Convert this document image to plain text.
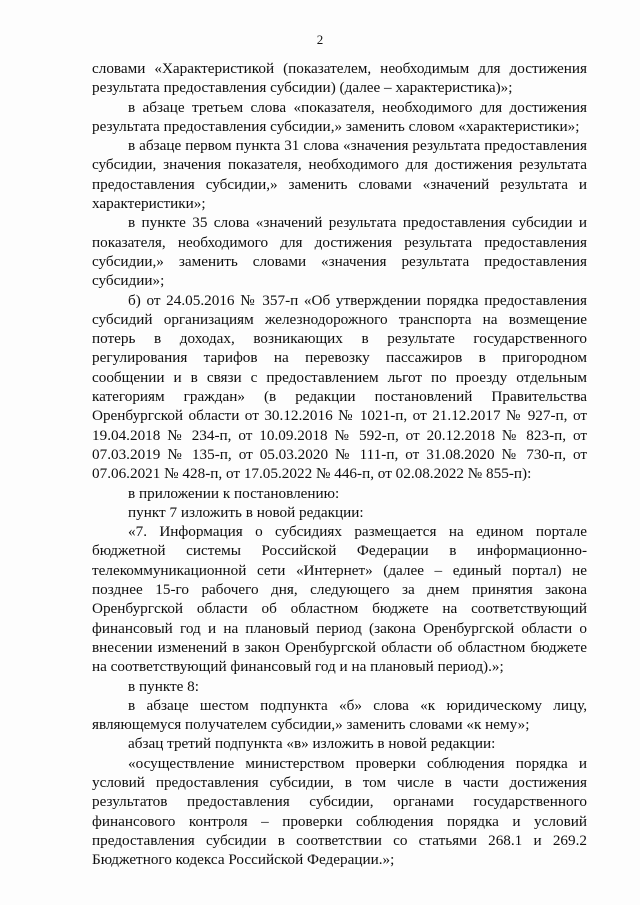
2

словами «Характеристикой (показателем, необходимым для достижения результата предоставления субсидии) (далее – характеристика)»;

в абзаце третьем слова «показателя, необходимого для достижения результата предоставления субсидии,» заменить словом «характеристики»;

в абзаце первом пункта 31 слова «значения результата предоставления субсидии, значения показателя, необходимого для достижения результата предоставления субсидии,» заменить словами «значений результата и характеристики»;

в пункте 35 слова «значений результата предоставления субсидии и показателя, необходимого для достижения результата предоставления субсидии,» заменить словами «значения результата предоставления субсидии»;

б) от 24.05.2016 № 357-п «Об утверждении порядка предоставления субсидий организациям железнодорожного транспорта на возмещение потерь в доходах, возникающих в результате государственного регулирования тарифов на перевозку пассажиров в пригородном сообщении и в связи с предоставлением льгот по проезду отдельным категориям граждан» (в редакции постановлений Правительства Оренбургской области от 30.12.2016 № 1021-п, от 21.12.2017 № 927-п, от 19.04.2018 № 234-п, от 10.09.2018 № 592-п, от 20.12.2018 № 823-п, от 07.03.2019 № 135-п, от 05.03.2020 № 111-п, от 31.08.2020 № 730-п, от 07.06.2021 № 428-п, от 17.05.2022 № 446-п, от 02.08.2022 № 855-п):

в приложении к постановлению:

пункт 7 изложить в новой редакции:

«7. Информация о субсидиях размещается на едином портале бюджетной системы Российской Федерации в информационно-телекоммуникационной сети «Интернет» (далее – единый портал) не позднее 15-го рабочего дня, следующего за днем принятия закона Оренбургской области об областном бюджете на соответствующий финансовый год и на плановый период (закона Оренбургской области о внесении изменений в закон Оренбургской области об областном бюджете на соответствующий финансовый год и на плановый период).»;

в пункте 8:

в абзаце шестом подпункта «б» слова «к юридическому лицу, являющемуся получателем субсидии,» заменить словами «к нему»;

абзац третий подпункта «в» изложить в новой редакции:

«осуществление министерством проверки соблюдения порядка и условий предоставления субсидии, в том числе в части достижения результатов предоставления субсидии, органами государственного финансового контроля – проверки соблюдения порядка и условий предоставления субсидии в соответствии со статьями 268.1 и 269.2 Бюджетного кодекса Российской Федерации.»;
